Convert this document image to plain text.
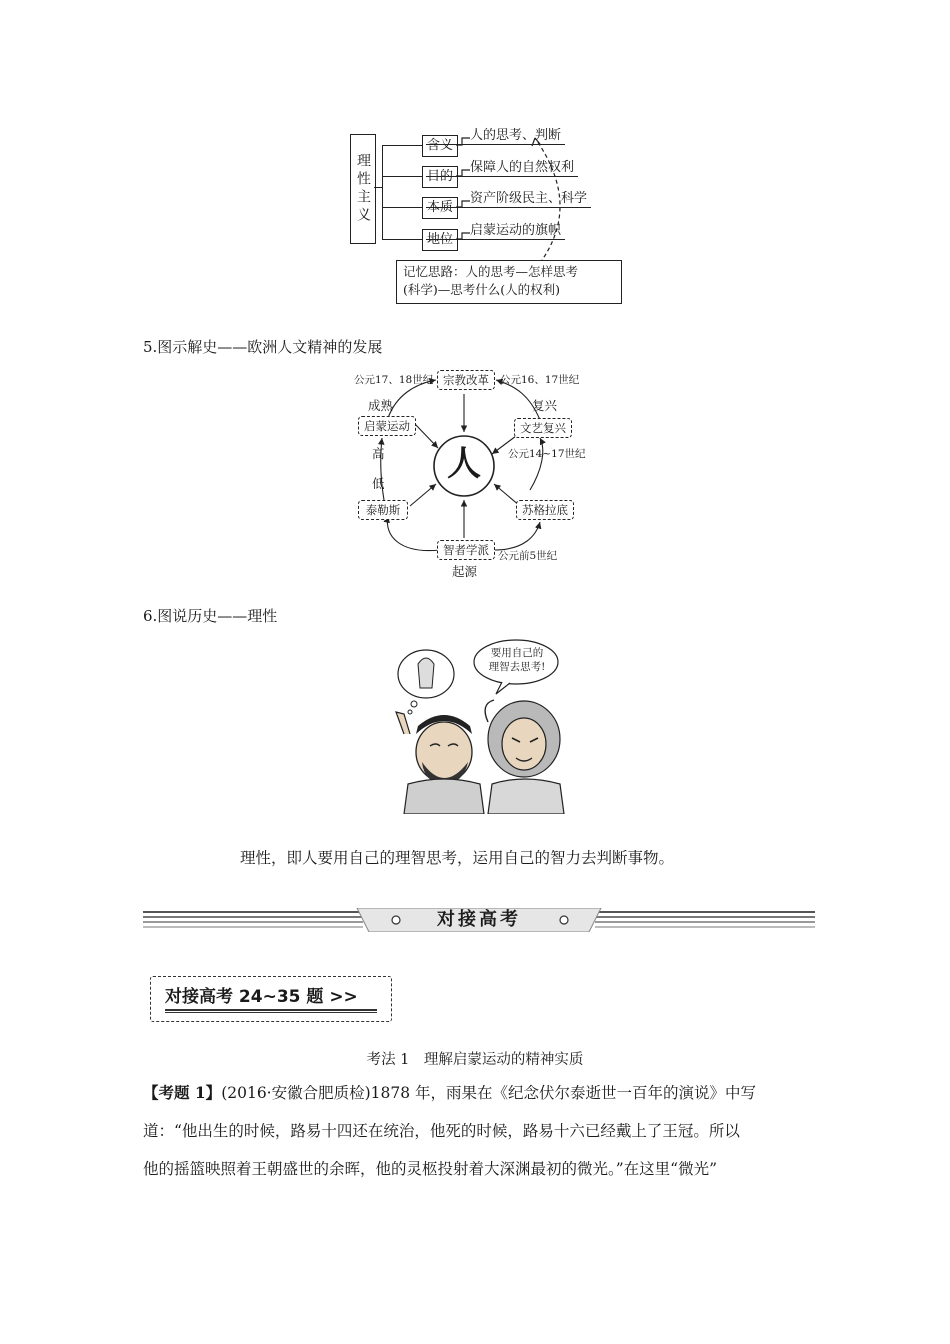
理性主义
含义
目的
本质
地位
人的思考、判断
保障人的自然权利
资产阶级民主、科学
启蒙运动的旗帜
记忆思路：人的思考—怎样思考
(科学)—思考什么(人的权利)
5.图示解史——欧洲人文精神的发展
人
宗教改革
文艺复兴
苏格拉底
智者学派
泰勒斯
启蒙运动
公元17、18世纪	公元16、17世纪
公元14~17世纪
公元前5世纪
成熟	复兴
高
低
起源
6.图说历史——理性
要用自己的
理智去思考!
理性，即人要用自己的理智思考，运用自己的智力去判断事物。
对接高考
对接高考 24~35 题 >>
考法 1　理解启蒙运动的精神实质
【考题 1】(2016·安徽合肥质检)1878 年，雨果在《纪念伏尔泰逝世一百年的演说》中写
道：“他出生的时候，路易十四还在统治，他死的时候，路易十六已经戴上了王冠。所以
他的摇篮映照着王朝盛世的余晖，他的灵柩投射着大深渊最初的微光。”在这里“微光”
